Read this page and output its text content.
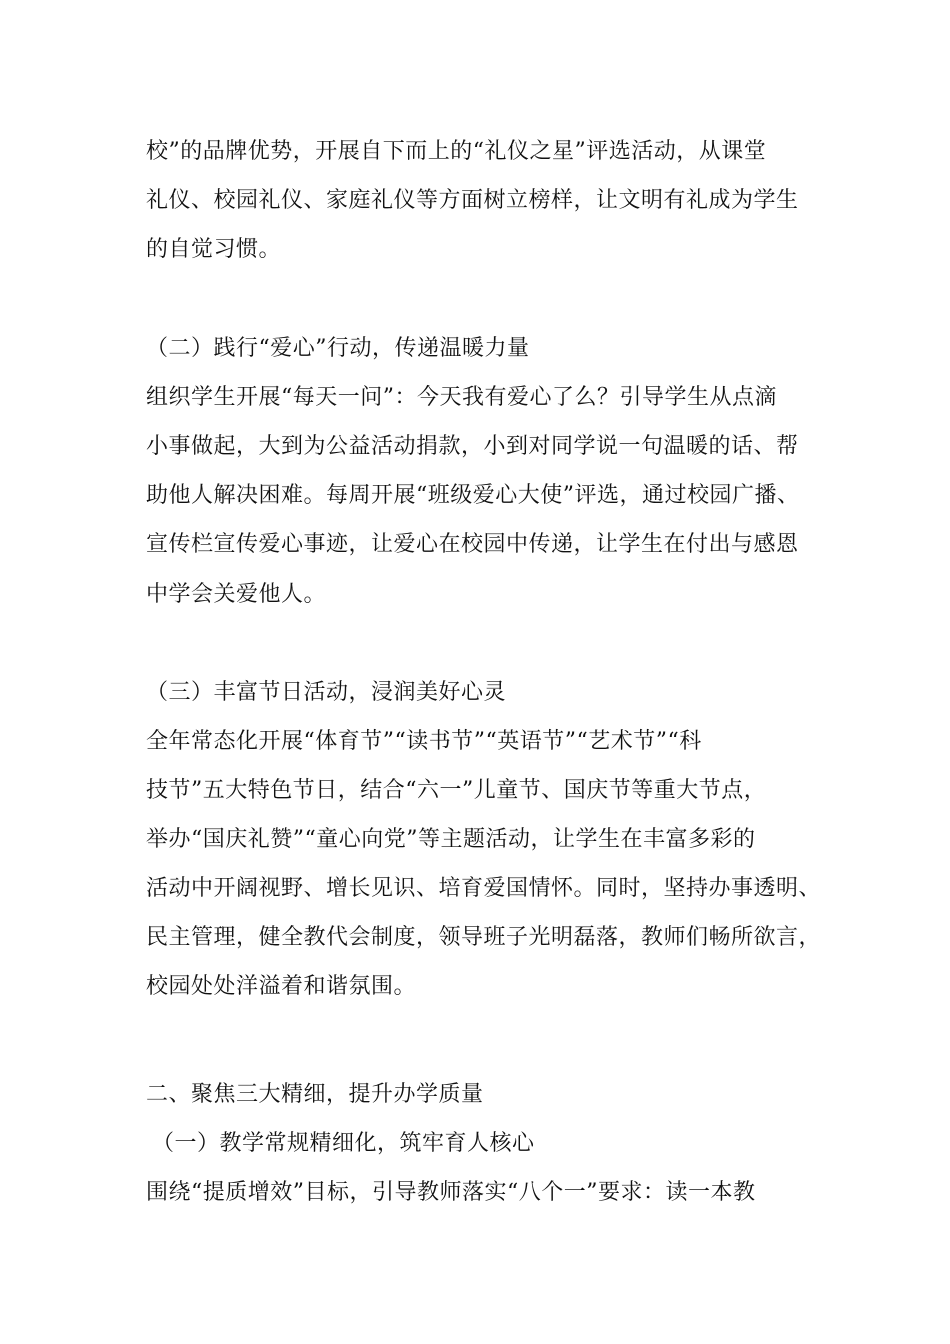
校”的品牌优势，开展自下而上的“礼仪之星”评选活动，从课堂
礼仪、校园礼仪、家庭礼仪等方面树立榜样，让文明有礼成为学生
的自觉习惯。
（二）践行“爱心”行动，传递温暖力量
组织学生开展“每天一问”：今天我有爱心了么？引导学生从点滴
小事做起，大到为公益活动捐款，小到对同学说一句温暖的话、帮
助他人解决困难。每周开展“班级爱心大使”评选，通过校园广播、
宣传栏宣传爱心事迹，让爱心在校园中传递，让学生在付出与感恩
中学会关爱他人。
（三）丰富节日活动，浸润美好心灵
全年常态化开展“体育节”“读书节”“英语节”“艺术节”“科
技节”五大特色节日，结合“六一”儿童节、国庆节等重大节点，
举办“国庆礼赞”“童心向党”等主题活动，让学生在丰富多彩的
活动中开阔视野、增长见识、培育爱国情怀。同时，坚持办事透明、
民主管理，健全教代会制度，领导班子光明磊落，教师们畅所欲言，
校园处处洋溢着和谐氛围。
二、聚焦三大精细，提升办学质量
（一）教学常规精细化，筑牢育人核心
围绕“提质增效”目标，引导教师落实“八个一”要求：读一本教
